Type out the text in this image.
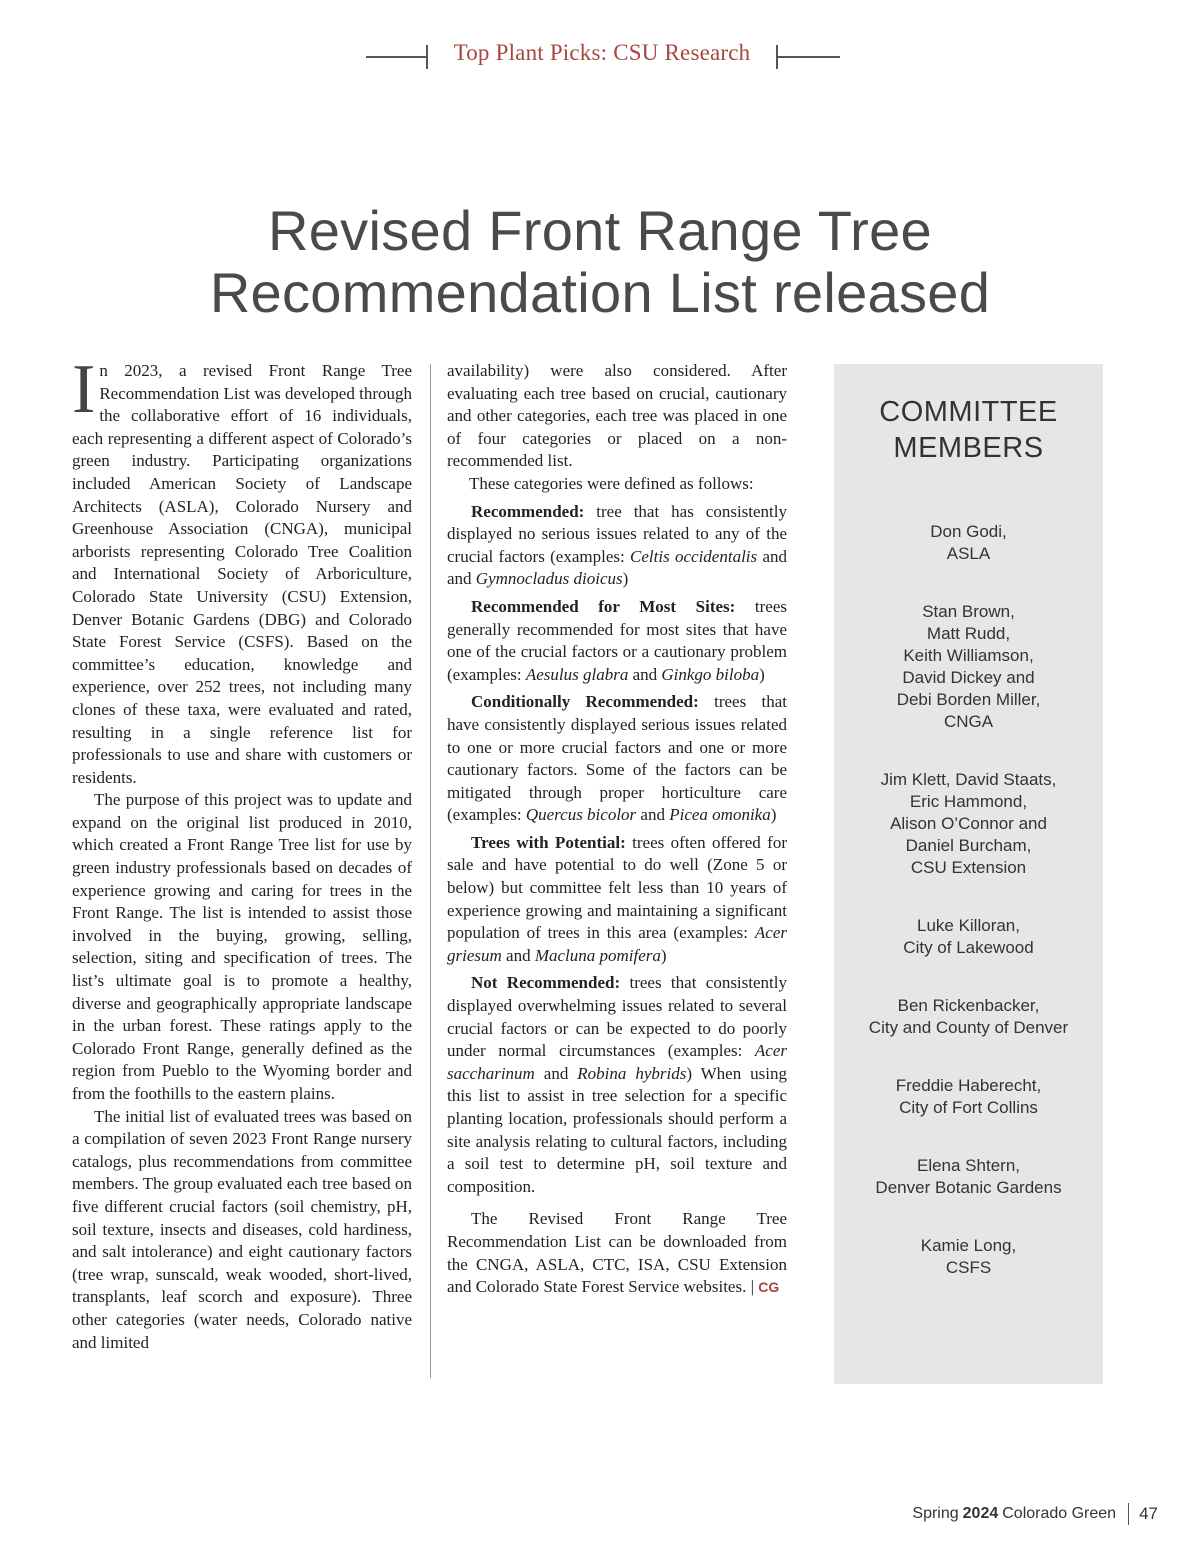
Top Plant Picks: CSU Research
Revised Front Range Tree
Recommendation List released

In 2023, a revised Front Range Tree Recommendation List was developed through the collaborative effort of 16 individuals, each representing a different aspect of Colorado’s green industry. Participating organizations included American Society of Landscape Architects (ASLA), Colorado Nursery and Greenhouse Association (CNGA), municipal arborists representing Colorado Tree Coalition and International Society of Arboriculture, Colorado State University (CSU) Extension, Denver Botanic Gardens (DBG) and Colorado State Forest Service (CSFS). Based on the committee’s education, knowledge and experience, over 252 trees, not including many clones of these taxa, were evaluated and rated, resulting in a single reference list for professionals to use and share with customers or residents.

The purpose of this project was to update and expand on the original list produced in 2010, which created a Front Range Tree list for use by green industry professionals based on decades of experience growing and caring for trees in the Front Range. The list is intended to assist those involved in the buying, growing, selling, selection, siting and specification of trees. The list’s ultimate goal is to promote a healthy, diverse and geographically appropriate landscape in the urban forest. These ratings apply to the Colorado Front Range, generally defined as the region from Pueblo to the Wyoming border and from the foothills to the eastern plains.

The initial list of evaluated trees was based on a compilation of seven 2023 Front Range nursery catalogs, plus recommendations from committee members. The group evaluated each tree based on five different crucial factors (soil chemistry, pH, soil texture, insects and diseases, cold hardiness, and salt intolerance) and eight cautionary factors (tree wrap, sunscald, weak wooded, short-lived, transplants, leaf scorch and exposure). Three other categories (water needs, Colorado native and limited

availability) were also considered. After evaluating each tree based on crucial, cautionary and other categories, each tree was placed in one of four categories or placed on a non-recommended list.

These categories were defined as follows:

Recommended: tree that has consistently displayed no serious issues related to any of the crucial factors (examples: Celtis occidentalis and and Gymnocladus dioicus)

Recommended for Most Sites: trees generally recommended for most sites that have one of the crucial factors or a cautionary problem (examples: Aesulus glabra and Ginkgo biloba)

Conditionally Recommended: trees that have consistently displayed serious issues related to one or more crucial factors and one or more cautionary factors. Some of the factors can be mitigated through proper horticulture care (examples: Quercus bicolor and Picea omonika)

Trees with Potential: trees often offered for sale and have potential to do well (Zone 5 or below) but committee felt less than 10 years of experience growing and maintaining a significant population of trees in this area (examples: Acer griesum and Macluna pomifera)

Not Recommended: trees that consistently displayed overwhelming issues related to several crucial factors or can be expected to do poorly under normal circumstances (examples: Acer saccharinum and Robina hybrids) When using this list to assist in tree selection for a specific planting location, professionals should perform a site analysis relating to cultural factors, including a soil test to determine pH, soil texture and composition.

The Revised Front Range Tree Recommendation List can be downloaded from the CNGA, ASLA, CTC, ISA, CSU Extension and Colorado State Forest Service websites. | CG

COMMITTEE
MEMBERS
Don Godi,
ASLA
Stan Brown,
Matt Rudd,
Keith Williamson,
David Dickey and
Debi Borden Miller,
CNGA
Jim Klett, David Staats,
Eric Hammond,
Alison O’Connor and
Daniel Burcham,
CSU Extension
Luke Killoran,
City of Lakewood
Ben Rickenbacker,
City and County of Denver
Freddie Haberecht,
City of Fort Collins
Elena Shtern,
Denver Botanic Gardens
Kamie Long,
CSFS
Spring 2024 Colorado Green 47
